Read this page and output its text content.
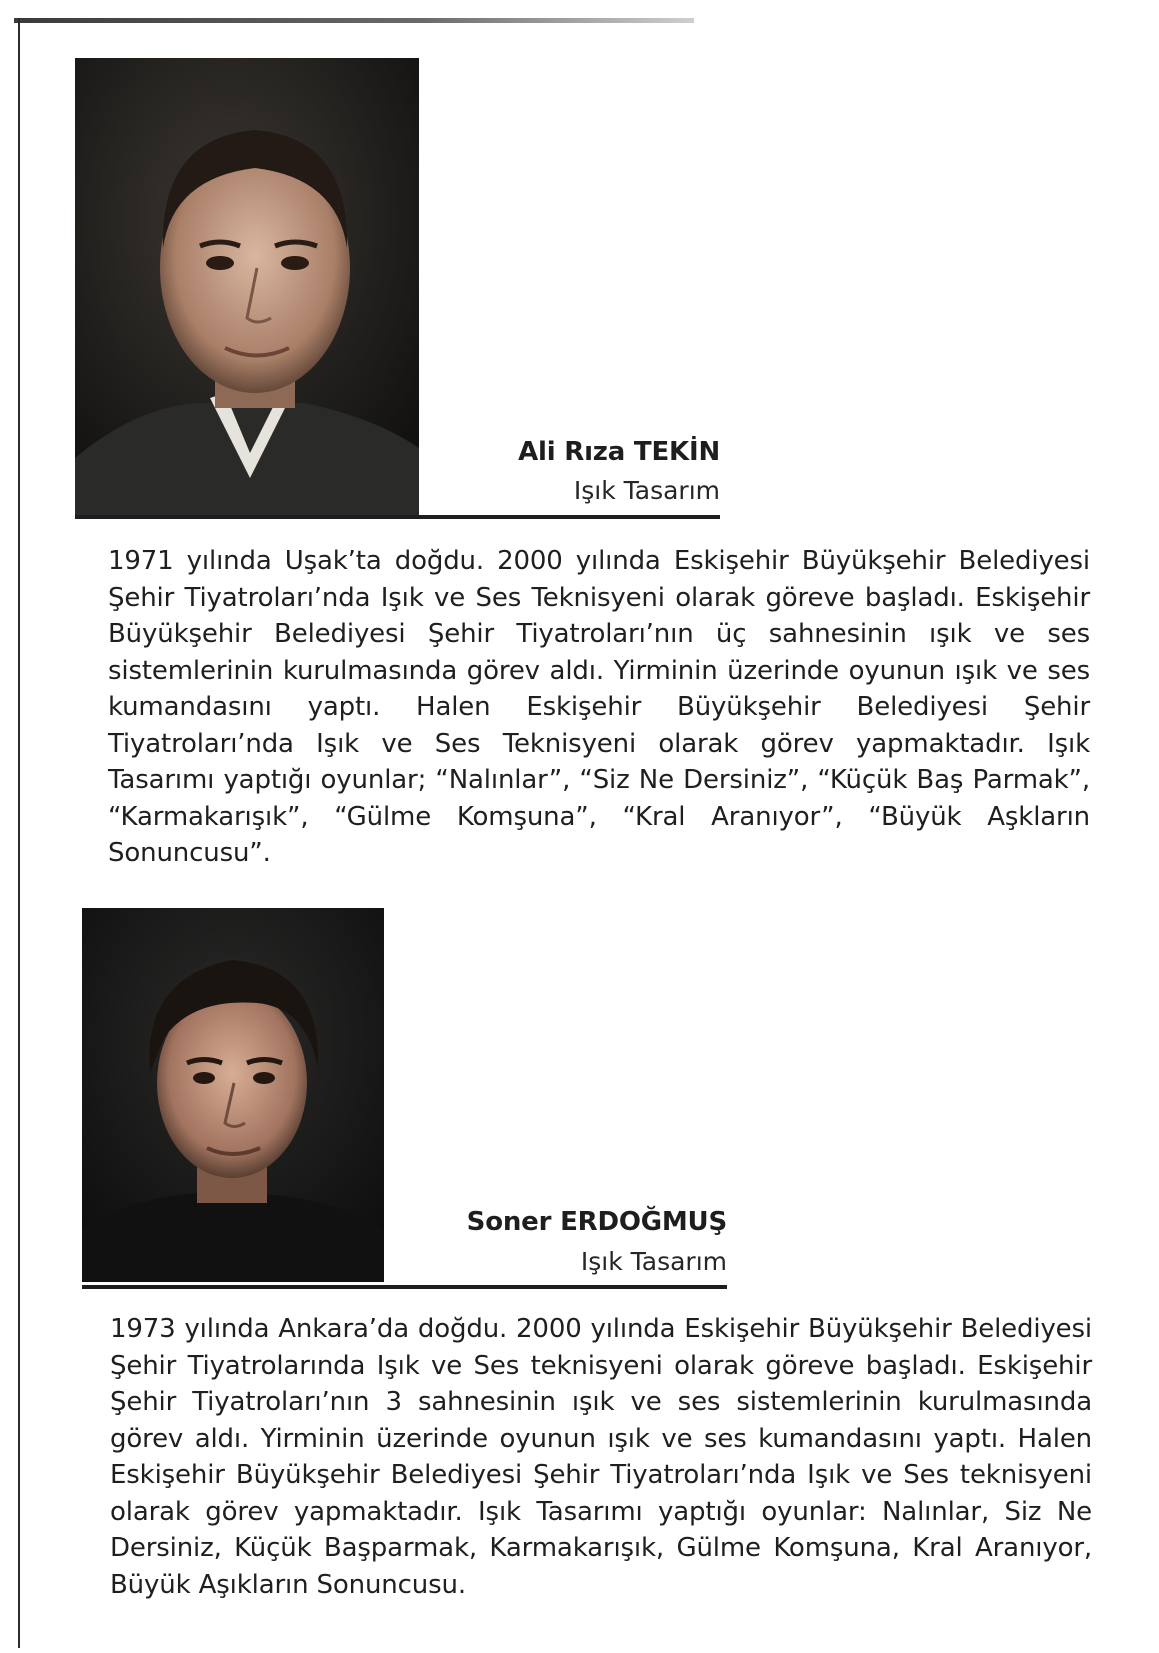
Ali Rıza TEKİN
Işık Tasarım

1971 yılında Uşak’ta doğdu. 2000 yılında Eskişehir Büyükşehir Belediyesi Şehir Tiyatroları’nda Işık ve Ses Teknisyeni olarak göreve başladı. Eskişehir Büyükşehir Belediyesi Şehir Tiyatroları’nın üç sahnesinin ışık ve ses sistemlerinin kurulmasında görev aldı. Yirminin üzerinde oyunun ışık ve ses kumandasını yaptı. Halen Eskişehir Büyükşehir Belediyesi Şehir Tiyatroları’nda Işık ve Ses Teknisyeni olarak görev yapmaktadır. Işık Tasarımı yaptığı oyunlar; “Nalınlar”, “Siz Ne Dersiniz”, “Küçük Baş Parmak”, “Karmakarışık”, “Gülme Komşuna”, “Kral Aranıyor”, “Büyük Aşkların Sonuncusu”.

Soner ERDOĞMUŞ
Işık Tasarım

1973 yılında Ankara’da doğdu. 2000 yılında Eskişehir Büyükşehir Belediyesi Şehir Tiyatrolarında Işık ve Ses teknisyeni olarak göreve başladı. Eskişehir Şehir Tiyatroları’nın 3 sahnesinin ışık ve ses sistemlerinin kurulmasında görev aldı. Yirminin üzerinde oyunun ışık ve ses kumandasını yaptı. Halen Eskişehir Büyükşehir Belediyesi Şehir Tiyatroları’nda Işık ve Ses teknisyeni olarak görev yapmaktadır. Işık Tasarımı yaptığı oyunlar: Nalınlar, Siz Ne Dersiniz, Küçük Başparmak, Karmakarışık, Gülme Komşuna, Kral Aranıyor, Büyük Aşıkların Sonuncusu.
